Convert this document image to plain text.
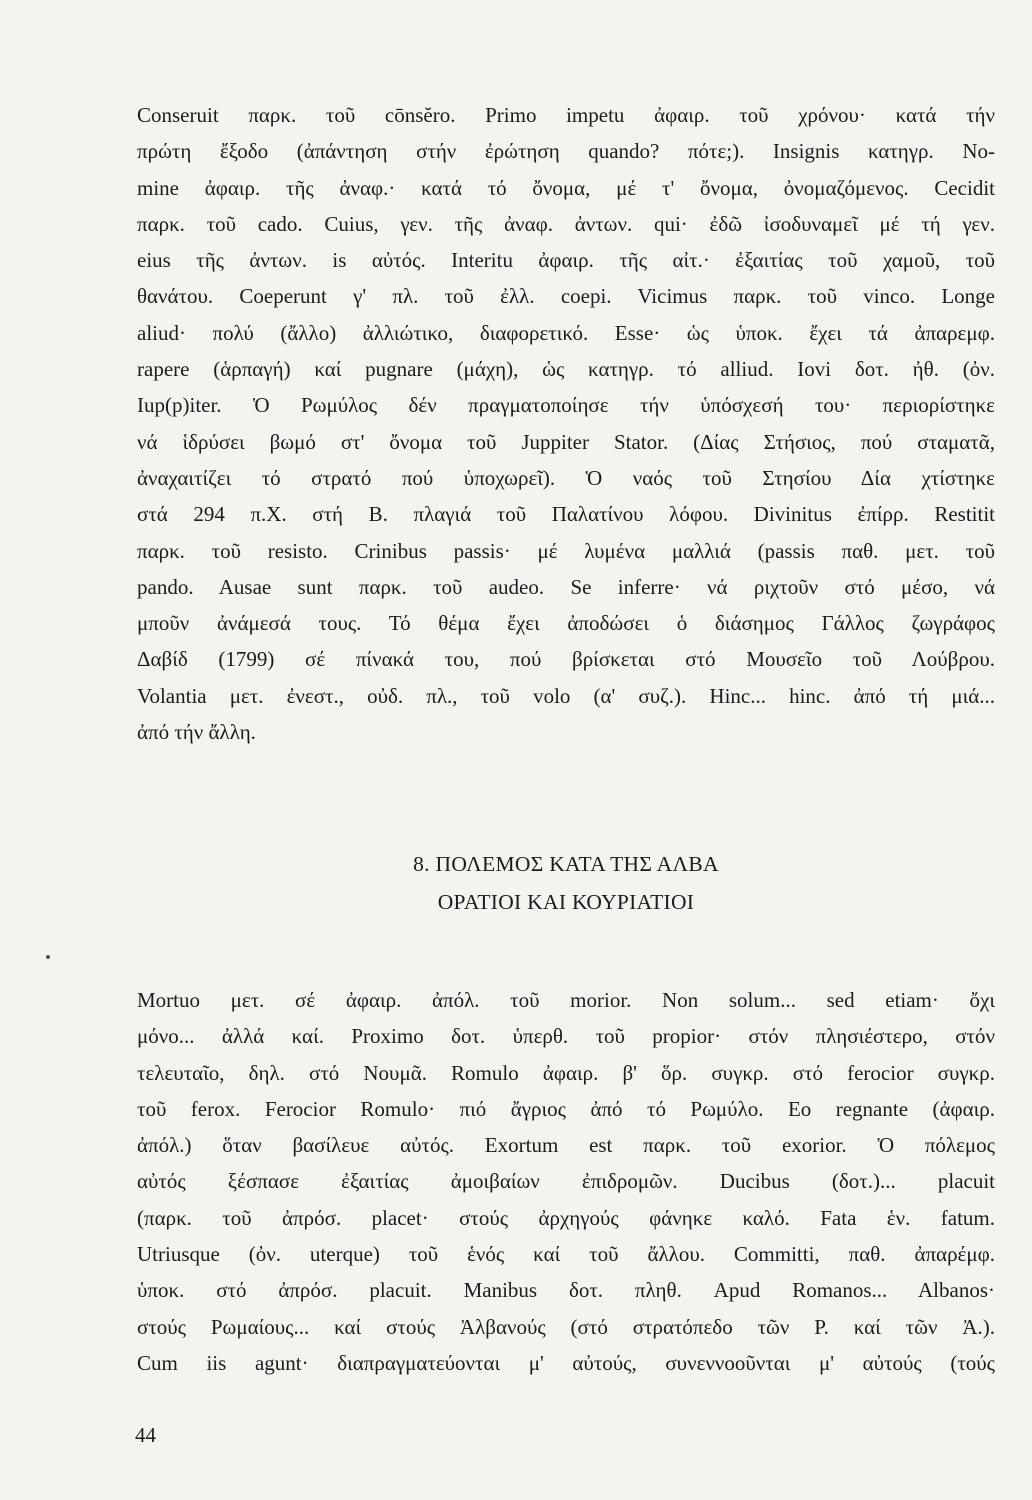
Conseruit παρκ. τοῦ cōnsĕro. Primo impetu ἀφαιρ. τοῦ χρόνου· κατά τήν
πρώτη ἔξοδο (ἀπάντηση στήν ἐρώτηση quando? πότε;). Insignis κατηγρ. No-
mine ἀφαιρ. τῆς ἀναφ.· κατά τό ὄνομα, μέ τ' ὄνομα, ὀνομαζόμενος. Cecidit
παρκ. τοῦ cado. Cuius, γεν. τῆς ἀναφ. ἀντων. qui· ἐδῶ ἰσοδυναμεῖ μέ τή γεν.
eius τῆς ἀντων. is αὐτός. Interitu ἀφαιρ. τῆς αἰτ.· ἐξαιτίας τοῦ χαμοῦ, τοῦ
θανάτου. Coeperunt γ' πλ. τοῦ ἐλλ. coepi. Vicimus παρκ. τοῦ vinco. Longe
aliud· πολύ (ἄλλο) ἀλλιώτικο, διαφορετικό. Esse· ὡς ὑποκ. ἔχει τά ἀπαρεμφ.
rapere (ἁρπαγή) καί pugnare (μάχη), ὡς κατηγρ. τό alliud. Iovi δοτ. ἠθ. (ὀν.
Iup(p)iter. Ὁ Ρωμύλος δέν πραγματοποίησε τήν ὑπόσχεσή του· περιορίστηκε
νά ἱδρύσει βωμό στ' ὄνομα τοῦ Juppiter Stator. (Δίας Στήσιος, πού σταματᾶ,
ἀναχαιτίζει τό στρατό πού ὑποχωρεῖ). Ὁ ναός τοῦ Στησίου Δία χτίστηκε
στά 294 π.Χ. στή Β. πλαγιά τοῦ Παλατίνου λόφου. Divinitus ἐπίρρ. Restitit
παρκ. τοῦ resisto. Crinibus passis· μέ λυμένα μαλλιά (passis παθ. μετ. τοῦ
pando. Ausae sunt παρκ. τοῦ audeo. Se inferre· νά ριχτοῦν στό μέσο, νά
μποῦν ἀνάμεσά τους. Τό θέμα ἔχει ἀποδώσει ὁ διάσημος Γάλλος ζωγράφος
Δαβίδ (1799) σέ πίνακά του, πού βρίσκεται στό Μουσεῖο τοῦ Λούβρου.
Volantia μετ. ἐνεστ., οὐδ. πλ., τοῦ volo (α' συζ.). Hinc... hinc. ἀπό τή μιά...
ἀπό τήν ἄλλη.
8. ΠΟΛΕΜΟΣ ΚΑΤΑ ΤΗΣ ΑΛΒΑ
ΟΡΑΤΙΟΙ ΚΑΙ ΚΟΥΡΙΑΤΙΟΙ
Mortuo μετ. σέ ἀφαιρ. ἀπόλ. τοῦ morior. Non solum... sed etiam· ὄχι
μόνο... ἀλλά καί. Proximo δοτ. ὑπερθ. τοῦ propior· στόν πλησιέστερο, στόν
τελευταῖο, δηλ. στό Νουμᾶ. Romulo ἀφαιρ. β' ὅρ. συγκρ. στό ferocior συγκρ.
τοῦ ferox. Ferocior Romulo· πιό ἄγριος ἀπό τό Ρωμύλο. Eo regnante (ἀφαιρ.
ἀπόλ.) ὅταν βασίλευε αὐτός. Exortum est παρκ. τοῦ exorior. Ὁ πόλεμος
αὐτός ξέσπασε ἐξαιτίας ἀμοιβαίων ἐπιδρομῶν. Ducibus (δοτ.)... placuit
(παρκ. τοῦ ἀπρόσ. placet· στούς ἀρχηγούς φάνηκε καλό. Fata ἑν. fatum.
Utriusque (ὀν. uterque) τοῦ ἑνός καί τοῦ ἄλλου. Committi, παθ. ἀπαρέμφ.
ὑποκ. στό ἀπρόσ. placuit. Manibus δοτ. πληθ. Apud Romanos... Albanos·
στούς Ρωμαίους... καί στούς Ἀλβανούς (στό στρατόπεδο τῶν Ρ. καί τῶν Ἀ.).
Cum iis agunt· διαπραγματεύονται μ' αὐτούς, συνεννοοῦνται μ' αὐτούς (τούς
44
